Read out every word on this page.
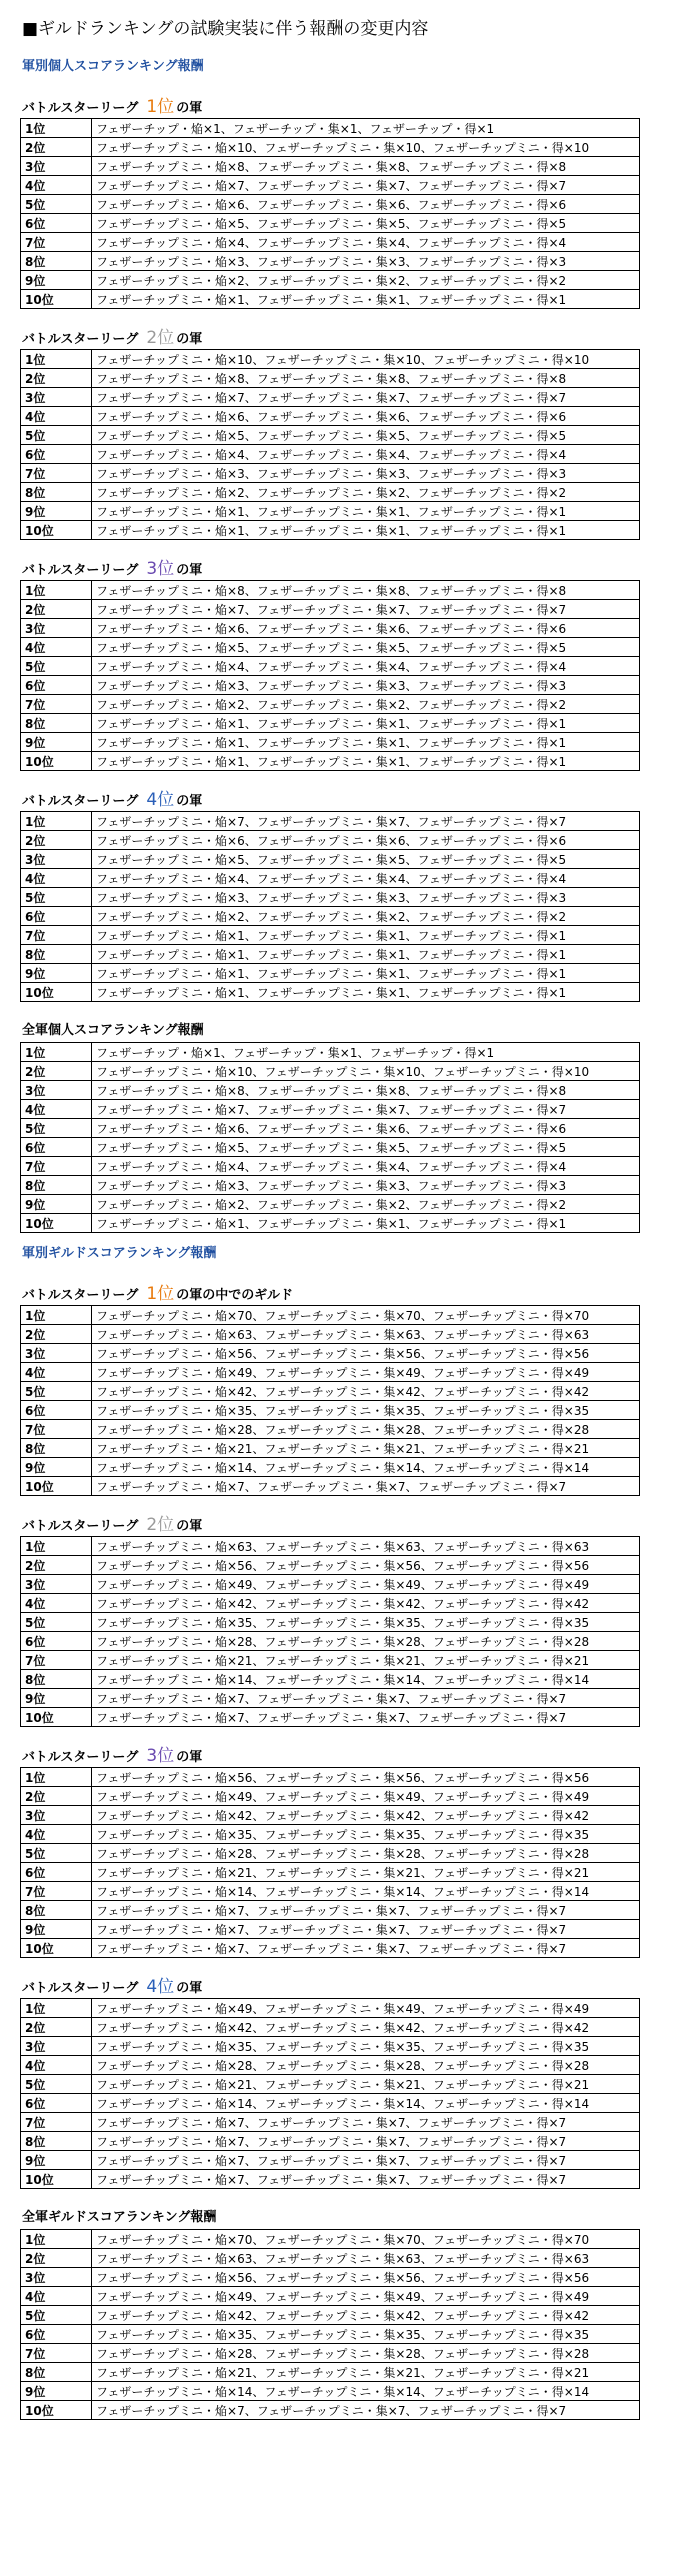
■ギルドランキングの試験実装に伴う報酬の変更内容
軍別個人スコアランキング報酬
バトルスターリーグ 1位 の軍
1位	フェザーチップ・焔×1、フェザーチップ・集×1、フェザーチップ・得×1
2位	フェザーチップミニ・焔×10、フェザーチップミニ・集×10、フェザーチップミニ・得×10
3位	フェザーチップミニ・焔×8、フェザーチップミニ・集×8、フェザーチップミニ・得×8
4位	フェザーチップミニ・焔×7、フェザーチップミニ・集×7、フェザーチップミニ・得×7
5位	フェザーチップミニ・焔×6、フェザーチップミニ・集×6、フェザーチップミニ・得×6
6位	フェザーチップミニ・焔×5、フェザーチップミニ・集×5、フェザーチップミニ・得×5
7位	フェザーチップミニ・焔×4、フェザーチップミニ・集×4、フェザーチップミニ・得×4
8位	フェザーチップミニ・焔×3、フェザーチップミニ・集×3、フェザーチップミニ・得×3
9位	フェザーチップミニ・焔×2、フェザーチップミニ・集×2、フェザーチップミニ・得×2
10位	フェザーチップミニ・焔×1、フェザーチップミニ・集×1、フェザーチップミニ・得×1
バトルスターリーグ 2位 の軍
1位	フェザーチップミニ・焔×10、フェザーチップミニ・集×10、フェザーチップミニ・得×10
2位	フェザーチップミニ・焔×8、フェザーチップミニ・集×8、フェザーチップミニ・得×8
3位	フェザーチップミニ・焔×7、フェザーチップミニ・集×7、フェザーチップミニ・得×7
4位	フェザーチップミニ・焔×6、フェザーチップミニ・集×6、フェザーチップミニ・得×6
5位	フェザーチップミニ・焔×5、フェザーチップミニ・集×5、フェザーチップミニ・得×5
6位	フェザーチップミニ・焔×4、フェザーチップミニ・集×4、フェザーチップミニ・得×4
7位	フェザーチップミニ・焔×3、フェザーチップミニ・集×3、フェザーチップミニ・得×3
8位	フェザーチップミニ・焔×2、フェザーチップミニ・集×2、フェザーチップミニ・得×2
9位	フェザーチップミニ・焔×1、フェザーチップミニ・集×1、フェザーチップミニ・得×1
10位	フェザーチップミニ・焔×1、フェザーチップミニ・集×1、フェザーチップミニ・得×1
バトルスターリーグ 3位 の軍
1位	フェザーチップミニ・焔×8、フェザーチップミニ・集×8、フェザーチップミニ・得×8
2位	フェザーチップミニ・焔×7、フェザーチップミニ・集×7、フェザーチップミニ・得×7
3位	フェザーチップミニ・焔×6、フェザーチップミニ・集×6、フェザーチップミニ・得×6
4位	フェザーチップミニ・焔×5、フェザーチップミニ・集×5、フェザーチップミニ・得×5
5位	フェザーチップミニ・焔×4、フェザーチップミニ・集×4、フェザーチップミニ・得×4
6位	フェザーチップミニ・焔×3、フェザーチップミニ・集×3、フェザーチップミニ・得×3
7位	フェザーチップミニ・焔×2、フェザーチップミニ・集×2、フェザーチップミニ・得×2
8位	フェザーチップミニ・焔×1、フェザーチップミニ・集×1、フェザーチップミニ・得×1
9位	フェザーチップミニ・焔×1、フェザーチップミニ・集×1、フェザーチップミニ・得×1
10位	フェザーチップミニ・焔×1、フェザーチップミニ・集×1、フェザーチップミニ・得×1
バトルスターリーグ 4位 の軍
1位	フェザーチップミニ・焔×7、フェザーチップミニ・集×7、フェザーチップミニ・得×7
2位	フェザーチップミニ・焔×6、フェザーチップミニ・集×6、フェザーチップミニ・得×6
3位	フェザーチップミニ・焔×5、フェザーチップミニ・集×5、フェザーチップミニ・得×5
4位	フェザーチップミニ・焔×4、フェザーチップミニ・集×4、フェザーチップミニ・得×4
5位	フェザーチップミニ・焔×3、フェザーチップミニ・集×3、フェザーチップミニ・得×3
6位	フェザーチップミニ・焔×2、フェザーチップミニ・集×2、フェザーチップミニ・得×2
7位	フェザーチップミニ・焔×1、フェザーチップミニ・集×1、フェザーチップミニ・得×1
8位	フェザーチップミニ・焔×1、フェザーチップミニ・集×1、フェザーチップミニ・得×1
9位	フェザーチップミニ・焔×1、フェザーチップミニ・集×1、フェザーチップミニ・得×1
10位	フェザーチップミニ・焔×1、フェザーチップミニ・集×1、フェザーチップミニ・得×1
全軍個人スコアランキング報酬
1位	フェザーチップ・焔×1、フェザーチップ・集×1、フェザーチップ・得×1
2位	フェザーチップミニ・焔×10、フェザーチップミニ・集×10、フェザーチップミニ・得×10
3位	フェザーチップミニ・焔×8、フェザーチップミニ・集×8、フェザーチップミニ・得×8
4位	フェザーチップミニ・焔×7、フェザーチップミニ・集×7、フェザーチップミニ・得×7
5位	フェザーチップミニ・焔×6、フェザーチップミニ・集×6、フェザーチップミニ・得×6
6位	フェザーチップミニ・焔×5、フェザーチップミニ・集×5、フェザーチップミニ・得×5
7位	フェザーチップミニ・焔×4、フェザーチップミニ・集×4、フェザーチップミニ・得×4
8位	フェザーチップミニ・焔×3、フェザーチップミニ・集×3、フェザーチップミニ・得×3
9位	フェザーチップミニ・焔×2、フェザーチップミニ・集×2、フェザーチップミニ・得×2
10位	フェザーチップミニ・焔×1、フェザーチップミニ・集×1、フェザーチップミニ・得×1
軍別ギルドスコアランキング報酬
バトルスターリーグ 1位 の軍の中でのギルド
1位	フェザーチップミニ・焔×70、フェザーチップミニ・集×70、フェザーチップミニ・得×70
2位	フェザーチップミニ・焔×63、フェザーチップミニ・集×63、フェザーチップミニ・得×63
3位	フェザーチップミニ・焔×56、フェザーチップミニ・集×56、フェザーチップミニ・得×56
4位	フェザーチップミニ・焔×49、フェザーチップミニ・集×49、フェザーチップミニ・得×49
5位	フェザーチップミニ・焔×42、フェザーチップミニ・集×42、フェザーチップミニ・得×42
6位	フェザーチップミニ・焔×35、フェザーチップミニ・集×35、フェザーチップミニ・得×35
7位	フェザーチップミニ・焔×28、フェザーチップミニ・集×28、フェザーチップミニ・得×28
8位	フェザーチップミニ・焔×21、フェザーチップミニ・集×21、フェザーチップミニ・得×21
9位	フェザーチップミニ・焔×14、フェザーチップミニ・集×14、フェザーチップミニ・得×14
10位	フェザーチップミニ・焔×7、フェザーチップミニ・集×7、フェザーチップミニ・得×7
バトルスターリーグ 2位 の軍
1位	フェザーチップミニ・焔×63、フェザーチップミニ・集×63、フェザーチップミニ・得×63
2位	フェザーチップミニ・焔×56、フェザーチップミニ・集×56、フェザーチップミニ・得×56
3位	フェザーチップミニ・焔×49、フェザーチップミニ・集×49、フェザーチップミニ・得×49
4位	フェザーチップミニ・焔×42、フェザーチップミニ・集×42、フェザーチップミニ・得×42
5位	フェザーチップミニ・焔×35、フェザーチップミニ・集×35、フェザーチップミニ・得×35
6位	フェザーチップミニ・焔×28、フェザーチップミニ・集×28、フェザーチップミニ・得×28
7位	フェザーチップミニ・焔×21、フェザーチップミニ・集×21、フェザーチップミニ・得×21
8位	フェザーチップミニ・焔×14、フェザーチップミニ・集×14、フェザーチップミニ・得×14
9位	フェザーチップミニ・焔×7、フェザーチップミニ・集×7、フェザーチップミニ・得×7
10位	フェザーチップミニ・焔×7、フェザーチップミニ・集×7、フェザーチップミニ・得×7
バトルスターリーグ 3位 の軍
1位	フェザーチップミニ・焔×56、フェザーチップミニ・集×56、フェザーチップミニ・得×56
2位	フェザーチップミニ・焔×49、フェザーチップミニ・集×49、フェザーチップミニ・得×49
3位	フェザーチップミニ・焔×42、フェザーチップミニ・集×42、フェザーチップミニ・得×42
4位	フェザーチップミニ・焔×35、フェザーチップミニ・集×35、フェザーチップミニ・得×35
5位	フェザーチップミニ・焔×28、フェザーチップミニ・集×28、フェザーチップミニ・得×28
6位	フェザーチップミニ・焔×21、フェザーチップミニ・集×21、フェザーチップミニ・得×21
7位	フェザーチップミニ・焔×14、フェザーチップミニ・集×14、フェザーチップミニ・得×14
8位	フェザーチップミニ・焔×7、フェザーチップミニ・集×7、フェザーチップミニ・得×7
9位	フェザーチップミニ・焔×7、フェザーチップミニ・集×7、フェザーチップミニ・得×7
10位	フェザーチップミニ・焔×7、フェザーチップミニ・集×7、フェザーチップミニ・得×7
バトルスターリーグ 4位 の軍
1位	フェザーチップミニ・焔×49、フェザーチップミニ・集×49、フェザーチップミニ・得×49
2位	フェザーチップミニ・焔×42、フェザーチップミニ・集×42、フェザーチップミニ・得×42
3位	フェザーチップミニ・焔×35、フェザーチップミニ・集×35、フェザーチップミニ・得×35
4位	フェザーチップミニ・焔×28、フェザーチップミニ・集×28、フェザーチップミニ・得×28
5位	フェザーチップミニ・焔×21、フェザーチップミニ・集×21、フェザーチップミニ・得×21
6位	フェザーチップミニ・焔×14、フェザーチップミニ・集×14、フェザーチップミニ・得×14
7位	フェザーチップミニ・焔×7、フェザーチップミニ・集×7、フェザーチップミニ・得×7
8位	フェザーチップミニ・焔×7、フェザーチップミニ・集×7、フェザーチップミニ・得×7
9位	フェザーチップミニ・焔×7、フェザーチップミニ・集×7、フェザーチップミニ・得×7
10位	フェザーチップミニ・焔×7、フェザーチップミニ・集×7、フェザーチップミニ・得×7
全軍ギルドスコアランキング報酬
1位	フェザーチップミニ・焔×70、フェザーチップミニ・集×70、フェザーチップミニ・得×70
2位	フェザーチップミニ・焔×63、フェザーチップミニ・集×63、フェザーチップミニ・得×63
3位	フェザーチップミニ・焔×56、フェザーチップミニ・集×56、フェザーチップミニ・得×56
4位	フェザーチップミニ・焔×49、フェザーチップミニ・集×49、フェザーチップミニ・得×49
5位	フェザーチップミニ・焔×42、フェザーチップミニ・集×42、フェザーチップミニ・得×42
6位	フェザーチップミニ・焔×35、フェザーチップミニ・集×35、フェザーチップミニ・得×35
7位	フェザーチップミニ・焔×28、フェザーチップミニ・集×28、フェザーチップミニ・得×28
8位	フェザーチップミニ・焔×21、フェザーチップミニ・集×21、フェザーチップミニ・得×21
9位	フェザーチップミニ・焔×14、フェザーチップミニ・集×14、フェザーチップミニ・得×14
10位	フェザーチップミニ・焔×7、フェザーチップミニ・集×7、フェザーチップミニ・得×7
